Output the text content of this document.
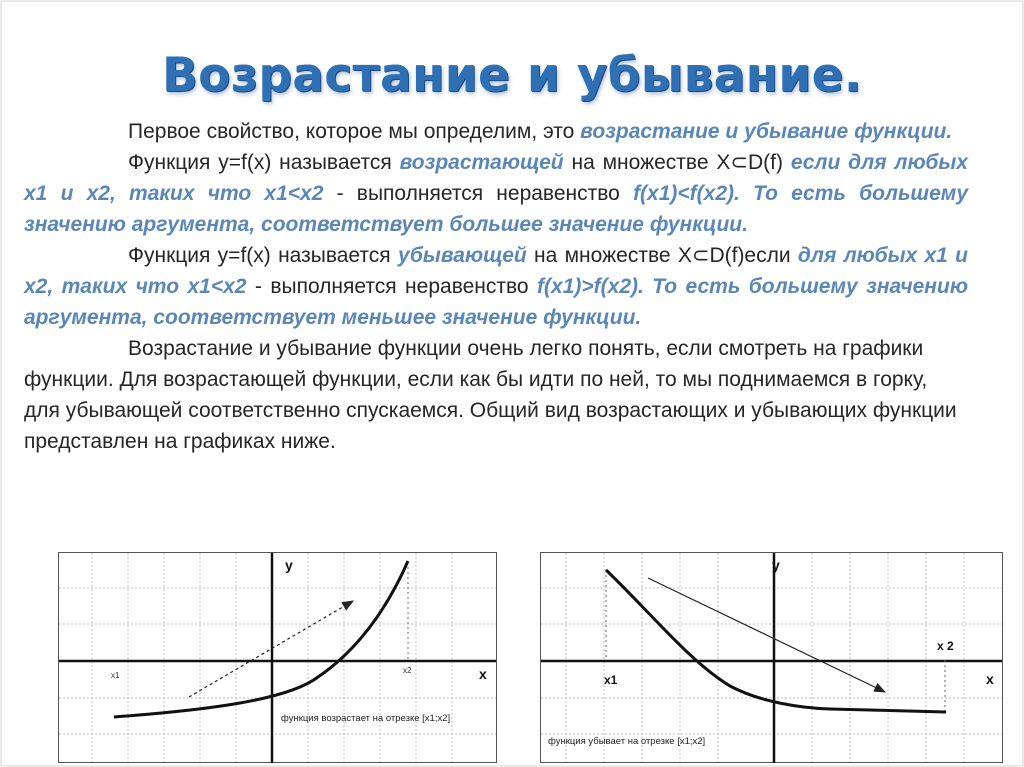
Возрастание и убывание.

Первое свойство, которое мы определим, это возрастание и убывание функции.

Функция y=f(x) называется возрастающей на множестве X⊂D(f) если для любых х1 и х2, таких что х1<х2 - выполняется неравенство f(x1)<f(x2). То есть большему значению аргумента, соответствует большее значение функции.

Функция y=f(x) называется убывающей на множестве X⊂D(f)если для любых х1 и х2, таких что х1<х2 - выполняется неравенство f(x1)>f(x2). То есть большему значению аргумента, соответствует меньшее значение функции.

Возрастание и убывание функции очень легко понять, если смотреть на графики функции. Для возрастающей функции, если как бы идти по ней, то мы поднимаемся в горку, для убывающей соответственно спускаемся. Общий вид возрастающих и убывающих функции представлен на графиках ниже.

y
x
x1
x2
функция возрастает на отрезке [x1;x2]
y
x
x1
x 2
функция убывает на отрезке [x1;x2]
